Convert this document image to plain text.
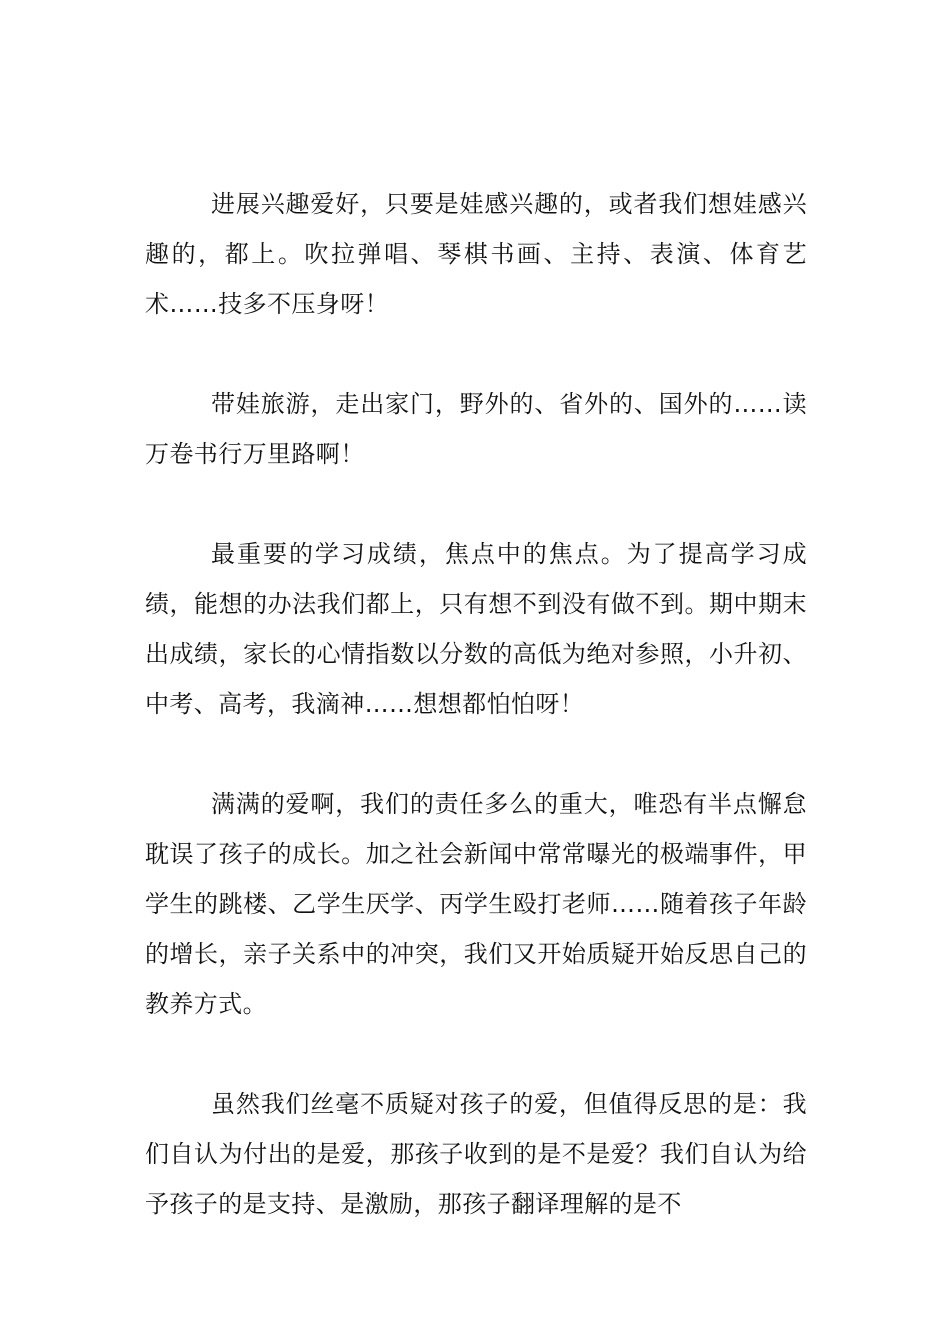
进展兴趣爱好，只要是娃感兴趣的，或者我们想娃感兴趣的，都上。吹拉弹唱、琴棋书画、主持、表演、体育艺术……技多不压身呀！

带娃旅游，走出家门，野外的、省外的、国外的……读万卷书行万里路啊！

最重要的学习成绩，焦点中的焦点。为了提高学习成绩，能想的办法我们都上，只有想不到没有做不到。期中期末出成绩，家长的心情指数以分数的高低为绝对参照，小升初、中考、高考，我滴神……想想都怕怕呀！

满满的爱啊，我们的责任多么的重大，唯恐有半点懈怠耽误了孩子的成长。加之社会新闻中常常曝光的极端事件，甲学生的跳楼、乙学生厌学、丙学生殴打老师……随着孩子年龄的增长，亲子关系中的冲突，我们又开始质疑开始反思自己的教养方式。

虽然我们丝毫不质疑对孩子的爱，但值得反思的是：我们自认为付出的是爱，那孩子收到的是不是爱？我们自认为给予孩子的是支持、是激励，那孩子翻译理解的是不
